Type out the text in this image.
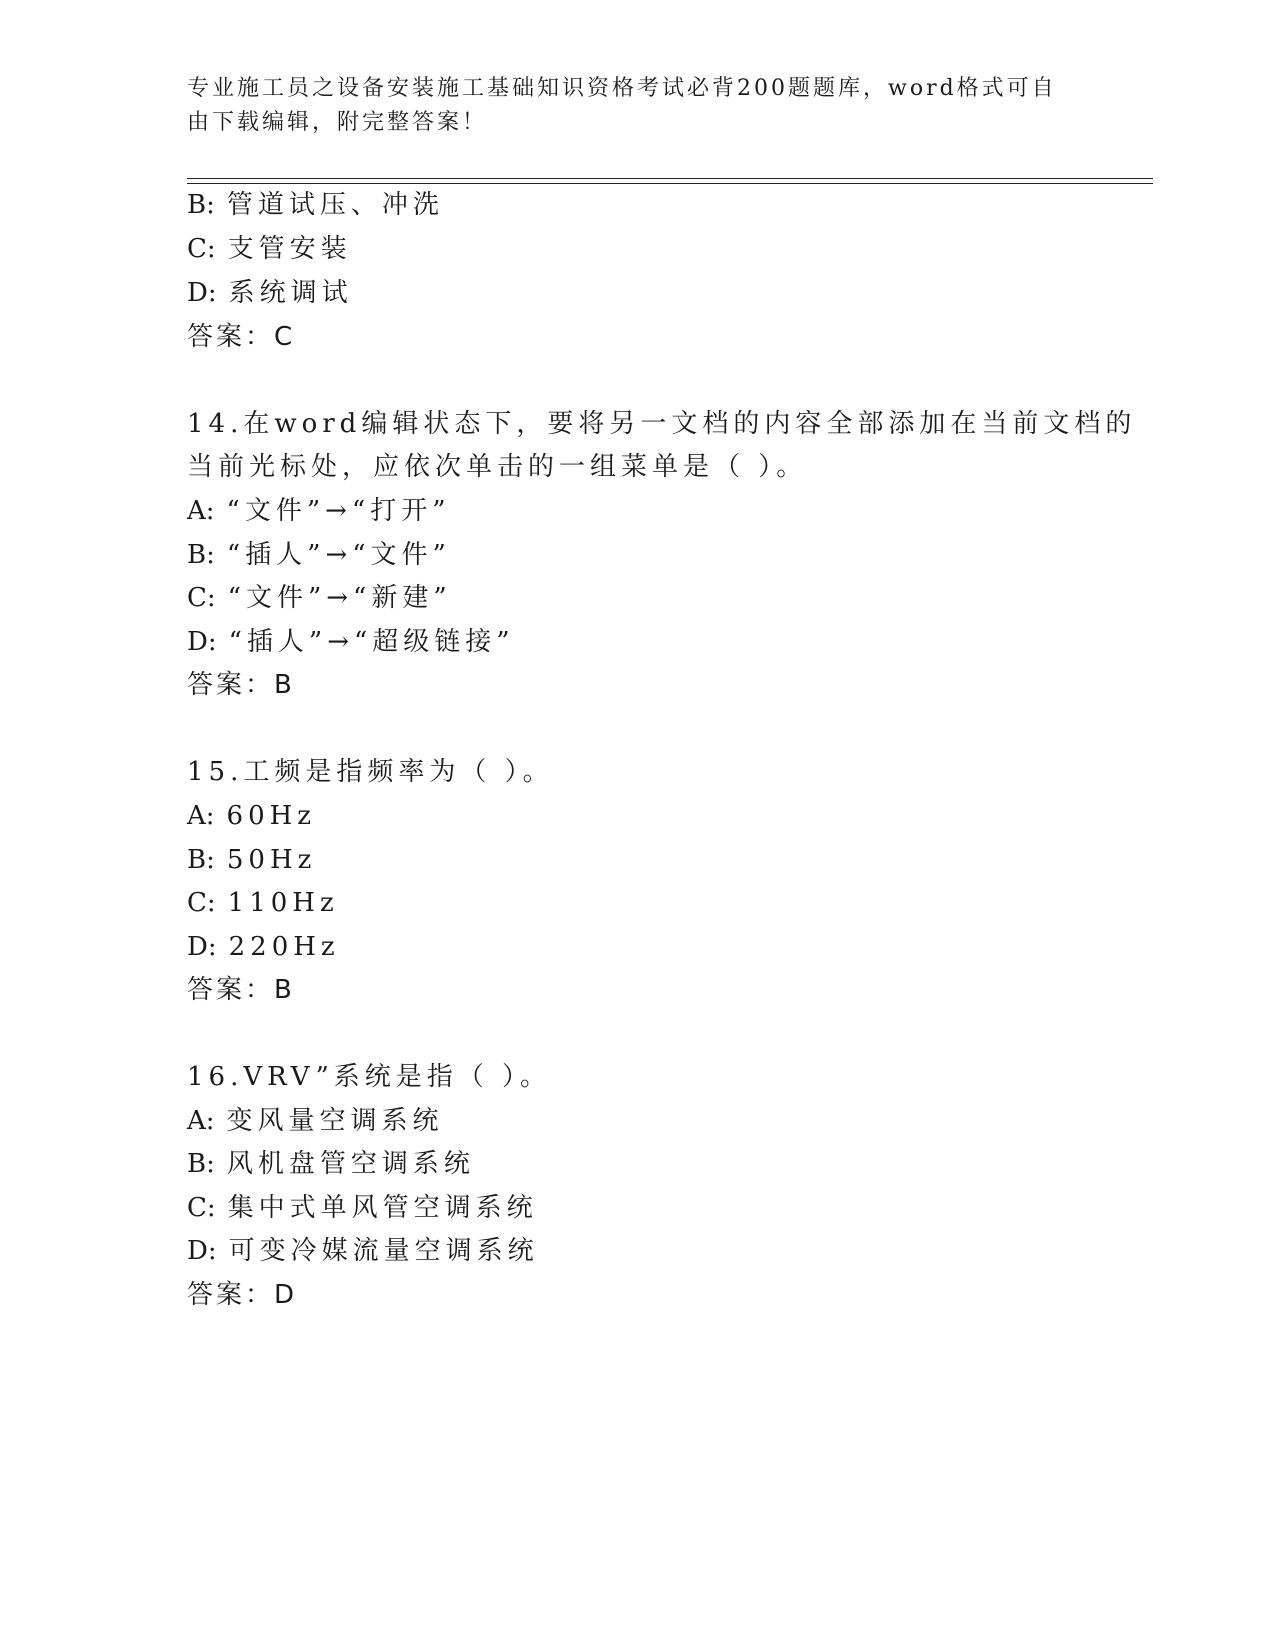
专业施工员之设备安装施工基础知识资格考试必背200题题库，word格式可自由下载编辑，附完整答案！
B: 管道试压、冲洗
C: 支管安装
D: 系统调试
答案：C
14.在word编辑状态下，要将另一文档的内容全部添加在当前文档的
当前光标处，应依次单击的一组菜单是（ ）。
A: “文件”→“打开”
B: “插人”→“文件”
C: “文件”→“新建”
D: “插人”→“超级链接”
答案：B
15.工频是指频率为（ ）。
A: 60Hz
B: 50Hz
C: 110Hz
D: 220Hz
答案：B
16.VRV”系统是指（ ）。
A: 变风量空调系统
B: 风机盘管空调系统
C: 集中式单风管空调系统
D: 可变冷媒流量空调系统
答案：D
